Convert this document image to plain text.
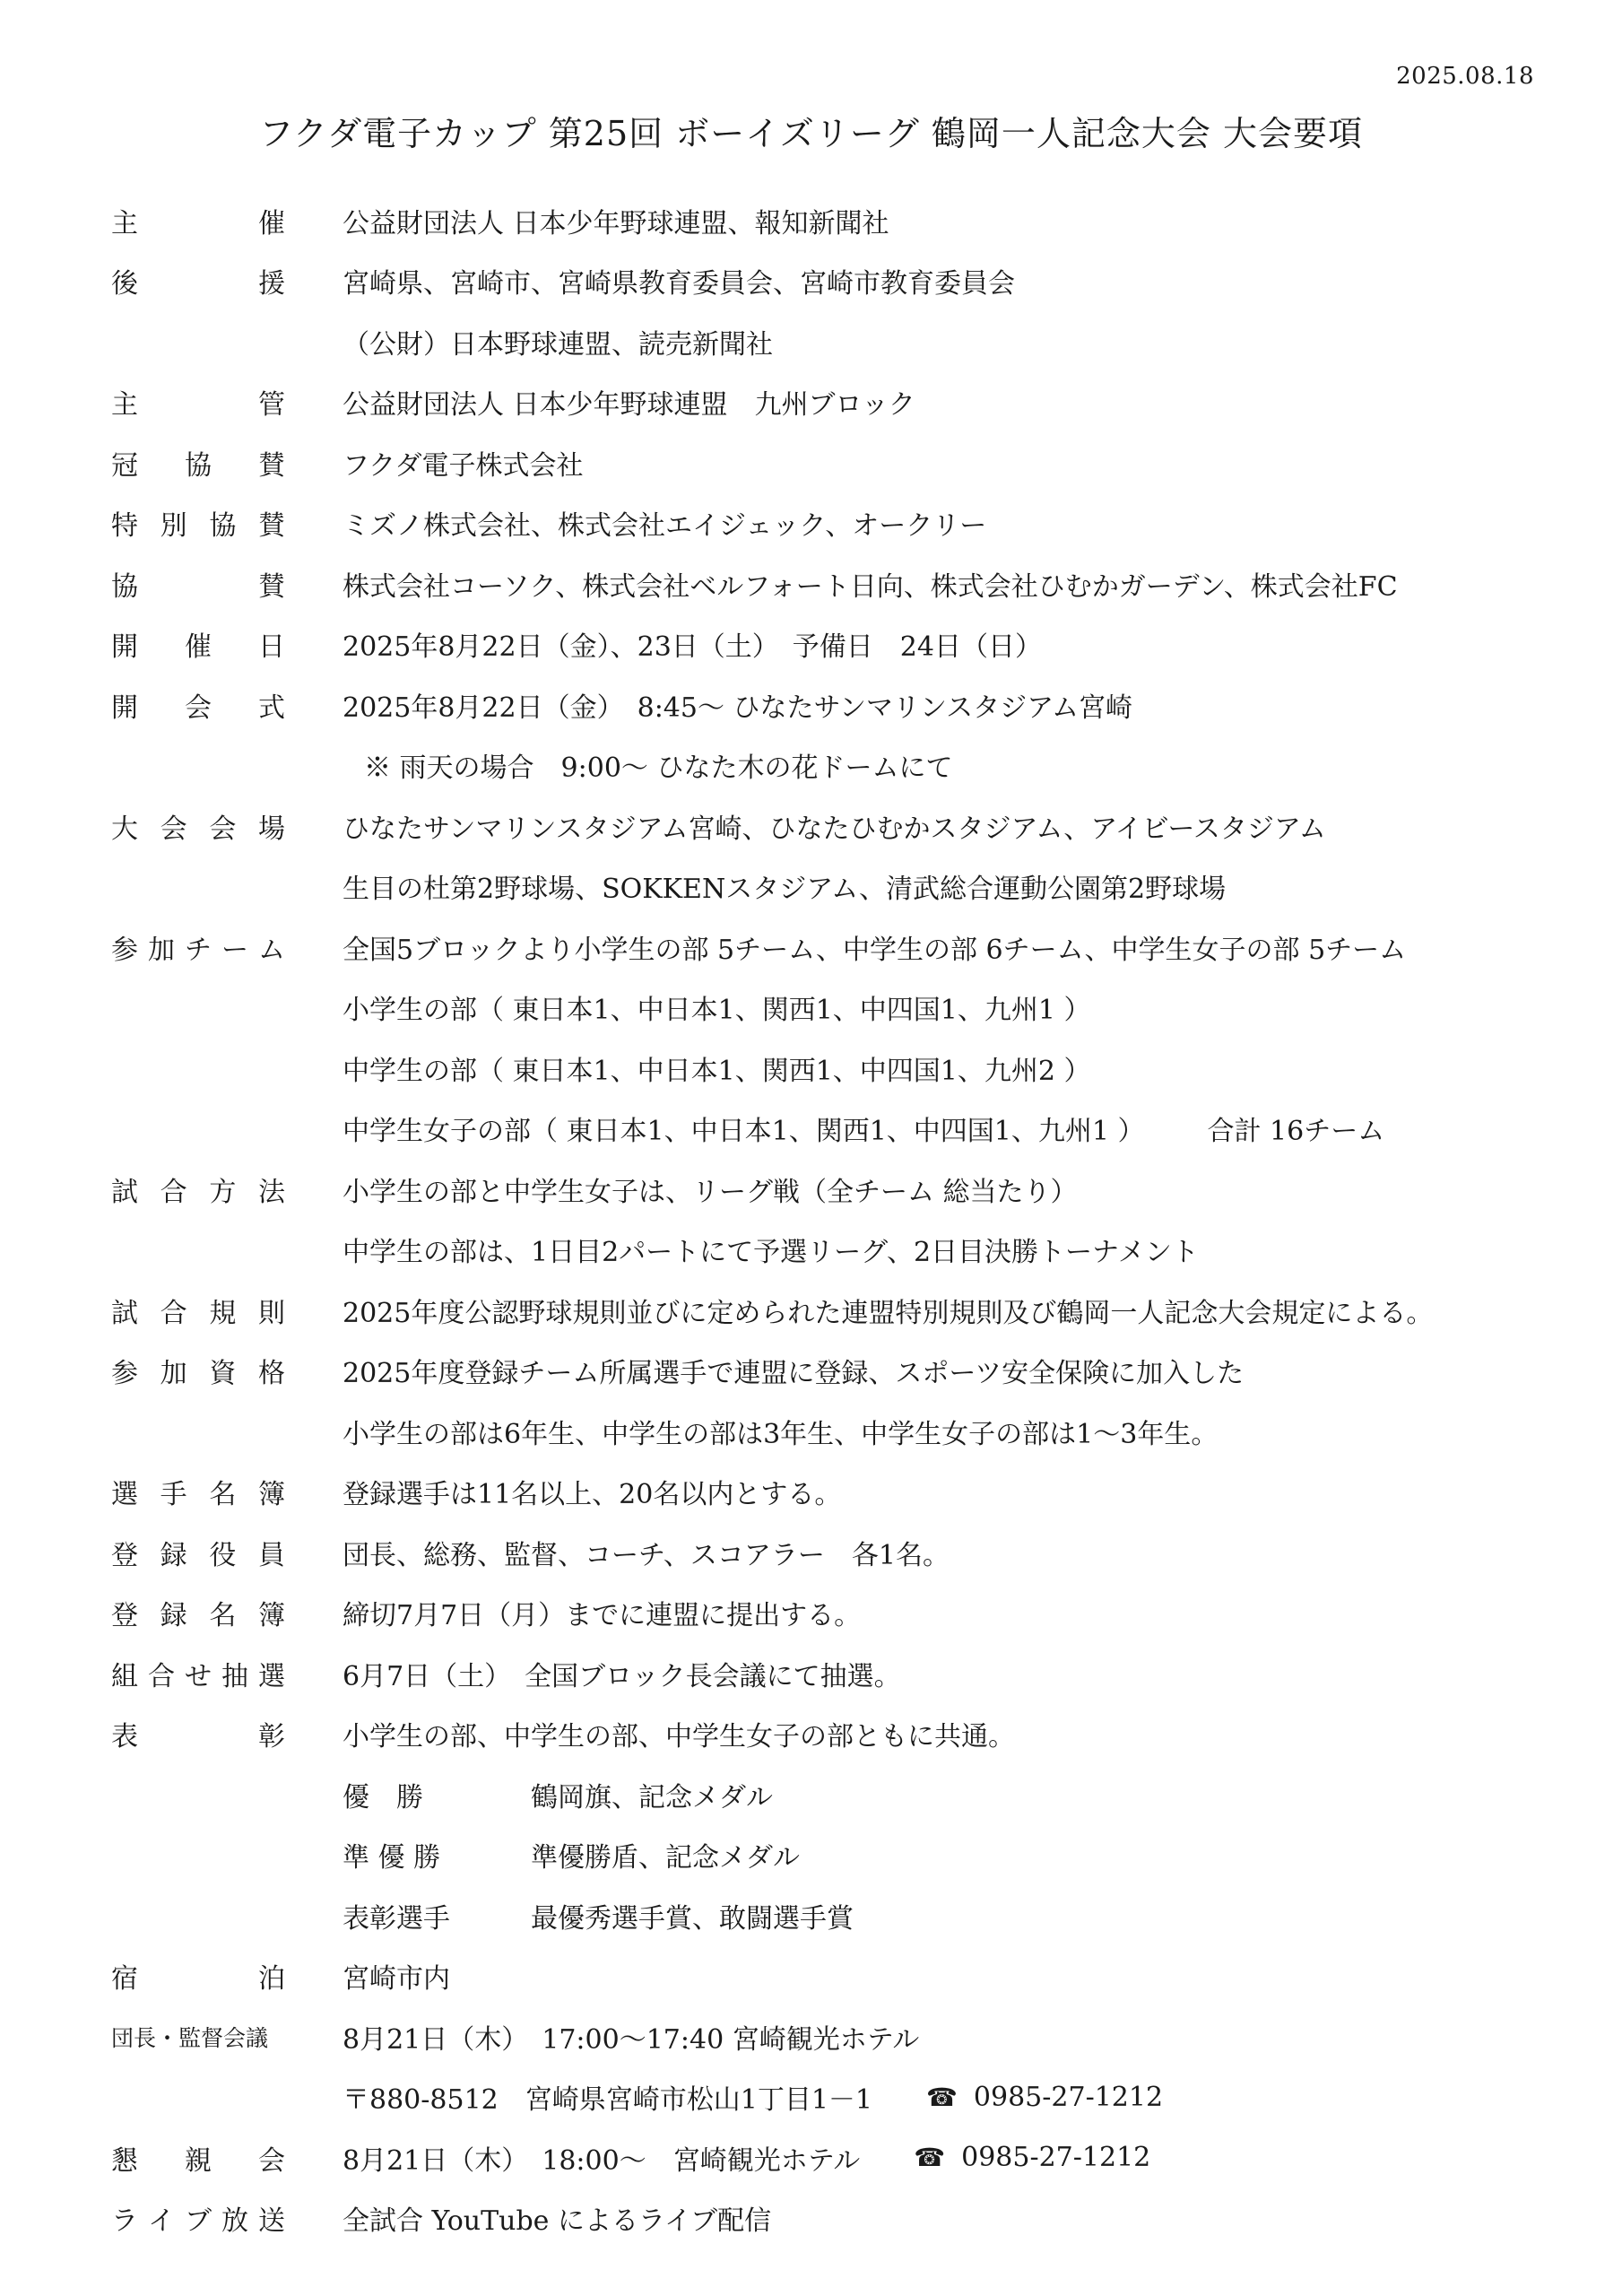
2025.08.18
フクダ電子カップ 第25回 ボーイズリーグ 鶴岡一人記念大会 大会要項
主	催 公益財団法人 日本少年野球連盟、報知新聞社
後	援 宮崎県、宮崎市、宮崎県教育委員会、宮崎市教育委員会
（公財）日本野球連盟、読売新聞社
主	管 公益財団法人 日本少年野球連盟　九州ブロック
冠 協 賛 フクダ電子株式会社
特 別 協 賛 ミズノ株式会社、株式会社エイジェック、オークリー
協	賛 株式会社コーソク、株式会社ベルフォート日向、株式会社ひむかガーデン、株式会社FC
開 催 日 2025年8月22日（金）、23日（土）　予備日　24日（日）
開 会 式 2025年8月22日（金）　8:45～ ひなたサンマリンスタジアム宮崎
※ 雨天の場合　9:00～ ひなた木の花ドームにて
大 会 会 場 ひなたサンマリンスタジアム宮崎、ひなたひむかスタジアム、アイビースタジアム
生目の杜第2野球場、SOKKENスタジアム、清武総合運動公園第2野球場
参 加 チ ー ム 全国5ブロックより小学生の部 5チーム、中学生の部 6チーム、中学生女子の部 5チーム
小学生の部（ 東日本1、中日本1、関西1、中四国1、九州1 ）
中学生の部（ 東日本1、中日本1、関西1、中四国1、九州2 ）
中学生女子の部（ 東日本1、中日本1、関西1、中四国1、九州1 ） 合計 16チーム
試 合 方 法 小学生の部と中学生女子は、リーグ戦（全チーム 総当たり）
中学生の部は、1日目2パートにて予選リーグ、2日目決勝トーナメント
試 合 規 則 2025年度公認野球規則並びに定められた連盟特別規則及び鶴岡一人記念大会規定による。
参 加 資 格 2025年度登録チーム所属選手で連盟に登録、スポーツ安全保険に加入した
小学生の部は6年生、中学生の部は3年生、中学生女子の部は1～3年生。
選 手 名 簿 登録選手は11名以上、20名以内とする。
登 録 役 員 団長、総務、監督、コーチ、スコアラー　各1名。
登 録 名 簿 締切7月7日（月）までに連盟に提出する。
組 合 せ 抽 選 6月7日（土）　全国ブロック長会議にて抽選。
表	彰 小学生の部、中学生の部、中学生女子の部ともに共通。
優　勝	鶴岡旗、記念メダル
準 優 勝	準優勝盾、記念メダル
表彰選手	最優秀選手賞、敢闘選手賞
宿	泊 宮崎市内
団長・監督会議	8月21日（木）　17:00～17:40 宮崎観光ホテル
〒880-8512　宮崎県宮崎市松山1丁目1－1 ☎ 0985-27-1212
懇 親 会 8月21日（木）　18:00～　宮崎観光ホテル ☎ 0985-27-1212
ラ イ ブ 放 送 全試合 YouTube によるライブ配信
